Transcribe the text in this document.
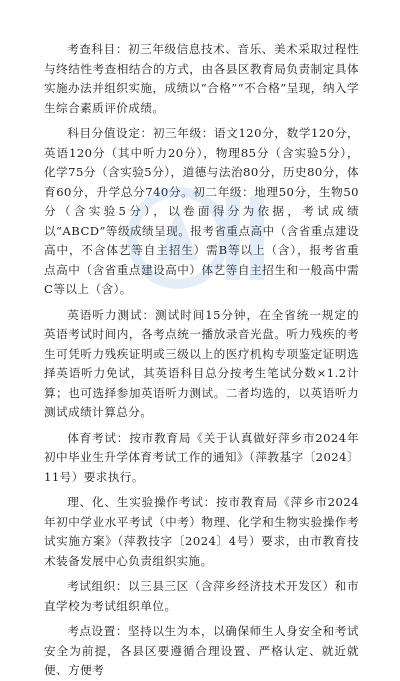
考查科目：初三年级信息技术、音乐、美术采取过程性与终结性考查相结合的方式，由各县区教育局负责制定具体实施办法并组织实施，成绩以“合格”“不合格”呈现，纳入学生综合素质评价成绩。

科目分值设定：初三年级：语文120分，数学120分，英语120分（其中听力20分），物理85分（含实验5分），化学75分（含实验5分），道德与法治80分，历史80分，体育60分，升学总分740分。初二年级：地理50分，生物50分（含实验5分），以卷面得分为依据，考试成绩以“ABCD”等级成绩呈现。报考省重点高中（含省重点建设高中，不含体艺等自主招生）需B等以上（含），报考省重点高中（含省重点建设高中）体艺等自主招生和一般高中需C等以上（含）。

英语听力测试：测试时间15分钟，在全省统一规定的英语考试时间内，各考点统一播放录音光盘。听力残疾的考生可凭听力残疾证明或三级以上的医疗机构专项鉴定证明选择英语听力免试，其英语科目总分按考生笔试分数×1.2计算；也可选择参加英语听力测试。二者均选的，以英语听力测试成绩计算总分。

体育考试：按市教育局《关于认真做好萍乡市2024年初中毕业生升学体育考试工作的通知》（萍教基字〔2024〕11号）要求执行。

理、化、生实验操作考试：按市教育局《萍乡市2024年初中学业水平考试（中考）物理、化学和生物实验操作考试实施方案》（萍教技字〔2024〕4号）要求，由市教育技术装备发展中心负责组织实施。

考试组织：以三县三区（含萍乡经济技术开发区）和市直学校为考试组织单位。

考点设置：坚持以生为本，以确保师生人身安全和考试安全为前提，各县区要遵循合理设置、严格认定、就近就便、方便考
